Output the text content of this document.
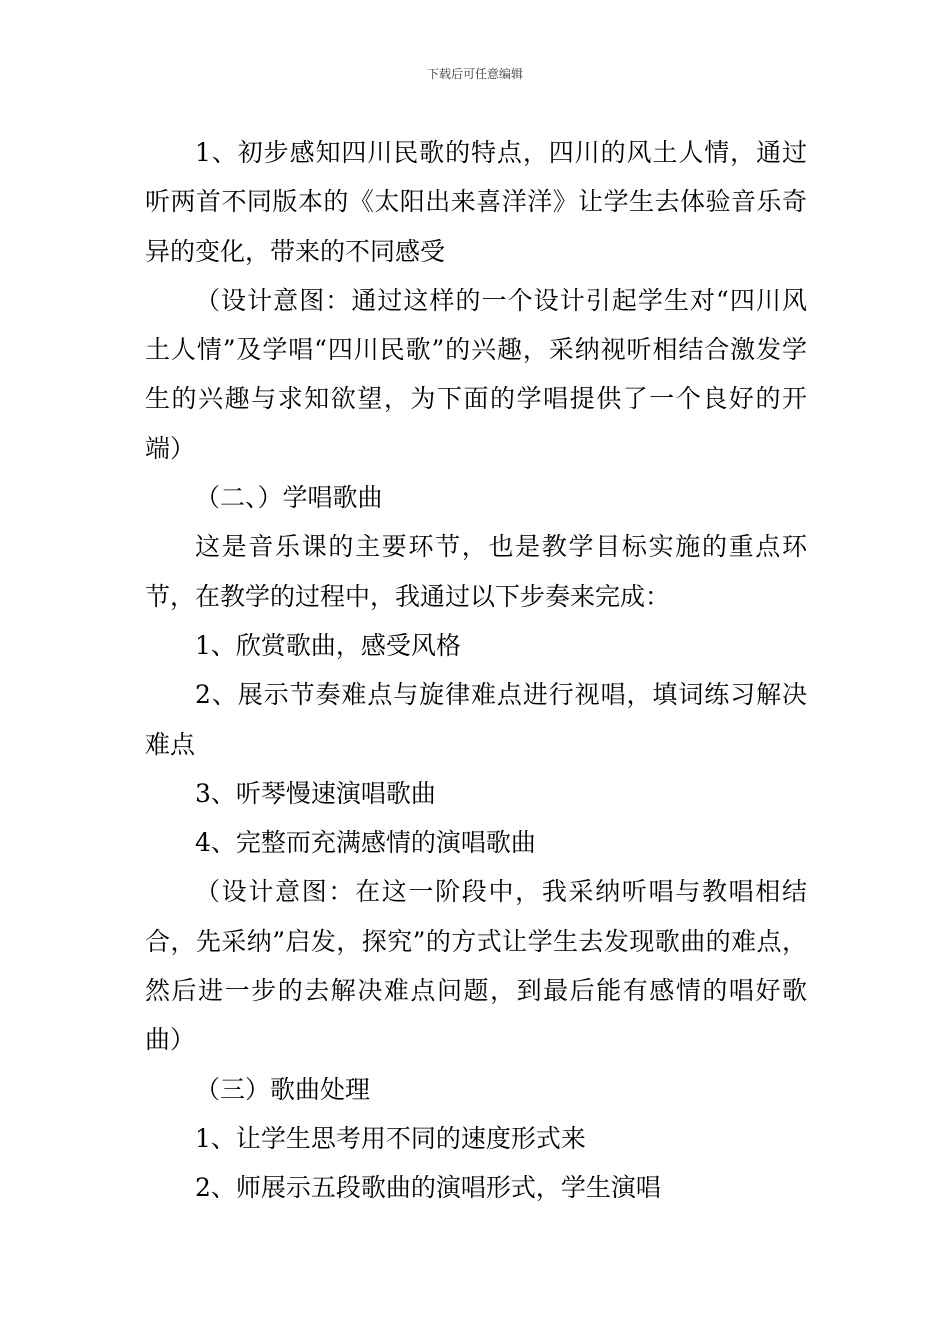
下载后可任意编辑

1、初步感知四川民歌的特点，四川的风土人情，通过听两首不同版本的《太阳出来喜洋洋》让学生去体验音乐奇异的变化，带来的不同感受

（设计意图：通过这样的一个设计引起学生对“四川风土人情”及学唱“四川民歌”的兴趣，采纳视听相结合激发学生的兴趣与求知欲望，为下面的学唱提供了一个良好的开端）

（二、）学唱歌曲

这是音乐课的主要环节，也是教学目标实施的重点环节，在教学的过程中，我通过以下步奏来完成：

1、欣赏歌曲，感受风格

2、展示节奏难点与旋律难点进行视唱，填词练习解决难点

3、听琴慢速演唱歌曲

4、完整而充满感情的演唱歌曲

（设计意图：在这一阶段中，我采纳听唱与教唱相结合，先采纳”启发，探究”的方式让学生去发现歌曲的难点，然后进一步的去解决难点问题，到最后能有感情的唱好歌曲）

（三）歌曲处理

1、让学生思考用不同的速度形式来

2、师展示五段歌曲的演唱形式，学生演唱
